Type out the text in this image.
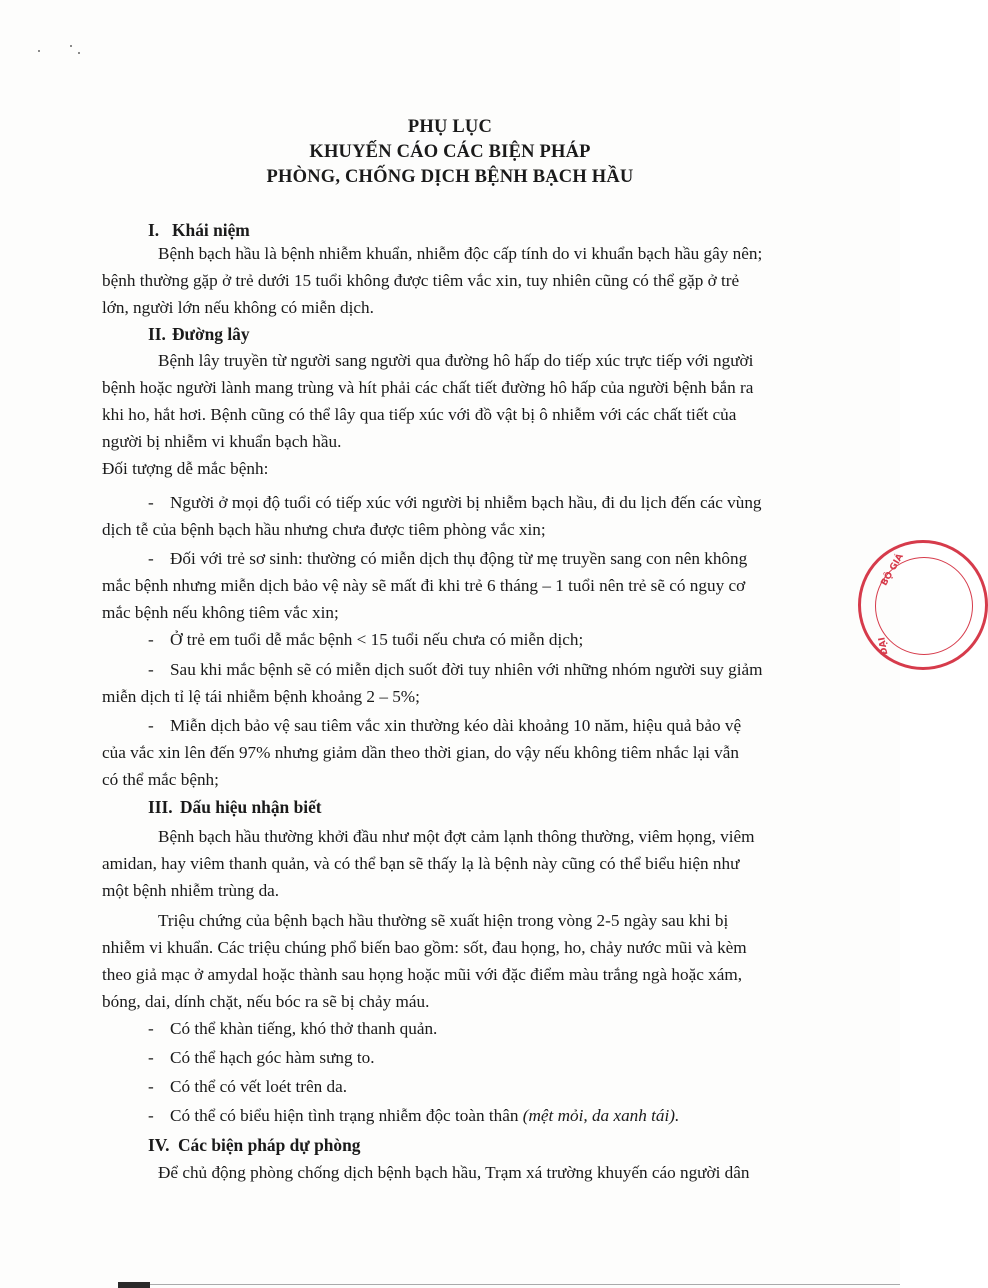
PHỤ LỤC
KHUYẾN CÁO CÁC BIỆN PHÁP
PHÒNG, CHỐNG DỊCH BỆNH BẠCH HẦU
I. Khái niệm
Bệnh bạch hầu là bệnh nhiễm khuẩn, nhiễm độc cấp tính do vi khuẩn bạch hầu gây nên;
bệnh thường gặp ở trẻ dưới 15 tuổi không được tiêm vắc xin, tuy nhiên cũng có thể gặp ở trẻ
lớn, người lớn nếu không có miễn dịch.
II. Đường lây
Bệnh lây truyền từ người sang người qua đường hô hấp do tiếp xúc trực tiếp với người
bệnh hoặc người lành mang trùng và hít phải các chất tiết đường hô hấp của người bệnh bắn ra
khi ho, hắt hơi. Bệnh cũng có thể lây qua tiếp xúc với đồ vật bị ô nhiễm với các chất tiết của
người bị nhiễm vi khuẩn bạch hầu.
Đối tượng dễ mắc bệnh:
- Người ở mọi độ tuổi có tiếp xúc với người bị nhiễm bạch hầu, đi du lịch đến các vùng
dịch tễ của bệnh bạch hầu nhưng chưa được tiêm phòng vắc xin;
- Đối với trẻ sơ sinh: thường có miễn dịch thụ động từ mẹ truyền sang con nên không
mắc bệnh nhưng miễn dịch bảo vệ này sẽ mất đi khi trẻ 6 tháng – 1 tuổi nên trẻ sẽ có nguy cơ
mắc bệnh nếu không tiêm vắc xin;
- Ở trẻ em tuổi dễ mắc bệnh < 15 tuổi nếu chưa có miễn dịch;
- Sau khi mắc bệnh sẽ có miễn dịch suốt đời tuy nhiên với những nhóm người suy giảm
miễn dịch tỉ lệ tái nhiễm bệnh khoảng 2 – 5%;
- Miễn dịch bảo vệ sau tiêm vắc xin thường kéo dài khoảng 10 năm, hiệu quả bảo vệ
của vắc xin lên đến 97% nhưng giảm dần theo thời gian, do vậy nếu không tiêm nhắc lại vẫn
có thể mắc bệnh;
III. Dấu hiệu nhận biết
Bệnh bạch hầu thường khởi đầu như một đợt cảm lạnh thông thường, viêm họng, viêm
amidan, hay viêm thanh quản, và có thể bạn sẽ thấy lạ là bệnh này cũng có thể biểu hiện như
một bệnh nhiễm trùng da.
Triệu chứng của bệnh bạch hầu thường sẽ xuất hiện trong vòng 2-5 ngày sau khi bị
nhiễm vi khuẩn. Các triệu chúng phổ biến bao gồm: sốt, đau họng, ho, chảy nước mũi và kèm
theo giả mạc ở amydal hoặc thành sau họng hoặc mũi với đặc điểm màu trắng ngà hoặc xám,
bóng, dai, dính chặt, nếu bóc ra sẽ bị chảy máu.
- Có thể khàn tiếng, khó thở thanh quản.
- Có thể hạch góc hàm sưng to.
- Có thể có vết loét trên da.
- Có thể có biểu hiện tình trạng nhiễm độc toàn thân (mệt mỏi, da xanh tái).
IV. Các biện pháp dự phòng
Để chủ động phòng chống dịch bệnh bạch hầu, Trạm xá trường khuyến cáo người dân
BỘ GIÁ
ĐẠI
